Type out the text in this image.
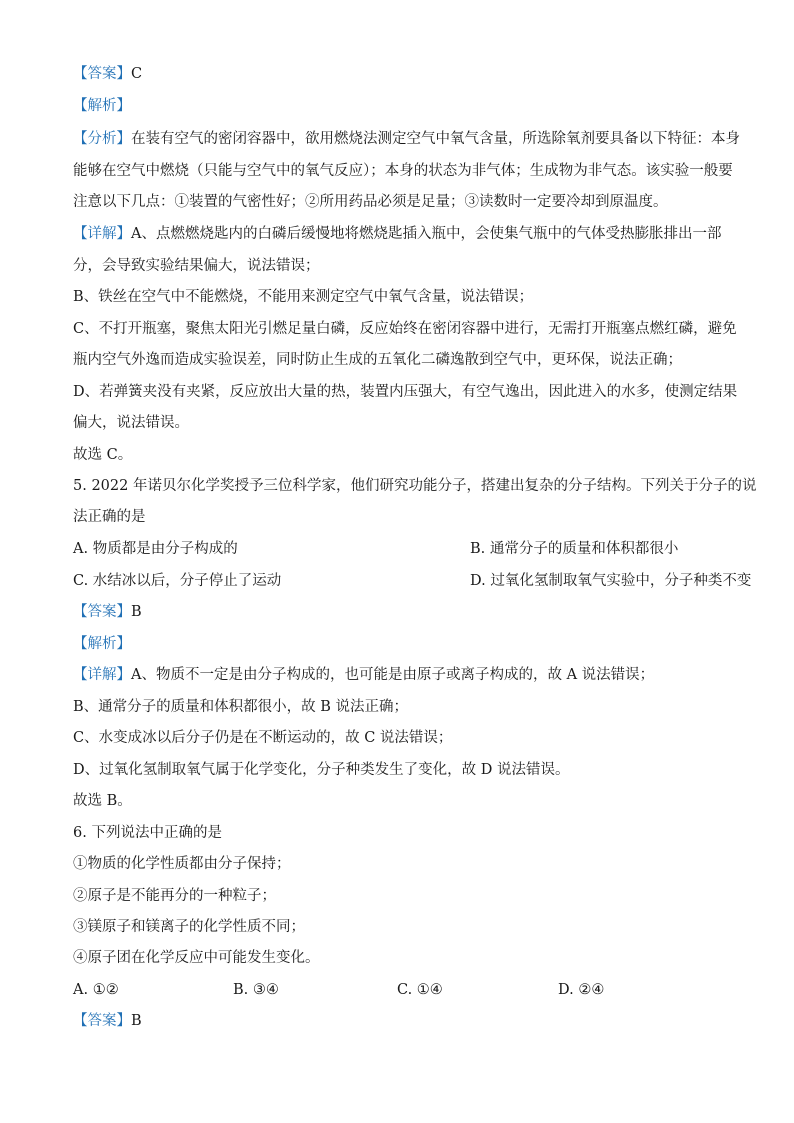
【答案】C
【解析】
【分析】在装有空气的密闭容器中，欲用燃烧法测定空气中氧气含量，所选除氧剂要具备以下特征：本身
能够在空气中燃烧（只能与空气中的氧气反应）；本身的状态为非气体；生成物为非气态。该实验一般要
注意以下几点：①装置的气密性好；②所用药品必须是足量；③读数时一定要冷却到原温度。
【详解】A、点燃燃烧匙内的白磷后缓慢地将燃烧匙插入瓶中，会使集气瓶中的气体受热膨胀排出一部
分，会导致实验结果偏大，说法错误；
B、铁丝在空气中不能燃烧，不能用来测定空气中氧气含量，说法错误；
C、不打开瓶塞，聚焦太阳光引燃足量白磷，反应始终在密闭容器中进行，无需打开瓶塞点燃红磷，避免
瓶内空气外逸而造成实验误差，同时防止生成的五氧化二磷逸散到空气中，更环保，说法正确；
D、若弹簧夹没有夹紧，反应放出大量的热，装置内压强大，有空气逸出，因此进入的水多，使测定结果
偏大，说法错误。
故选 C。
5. 2022 年诺贝尔化学奖授予三位科学家，他们研究功能分子，搭建出复杂的分子结构。下列关于分子的说
法正确的是
A. 物质都是由分子构成的	B. 通常分子的质量和体积都很小
C. 水结冰以后，分子停止了运动	D. 过氧化氢制取氧气实验中，分子种类不变
【答案】B
【解析】
【详解】A、物质不一定是由分子构成的，也可能是由原子或离子构成的，故 A 说法错误；
B、通常分子的质量和体积都很小，故 B 说法正确；
C、水变成冰以后分子仍是在不断运动的，故 C 说法错误；
D、过氧化氢制取氧气属于化学变化，分子种类发生了变化，故 D 说法错误。
故选 B。
6. 下列说法中正确的是
①物质的化学性质都由分子保持；
②原子是不能再分的一种粒子；
③镁原子和镁离子的化学性质不同；
④原子团在化学反应中可能发生变化。
A. ①②	B. ③④	C. ①④	D. ②④
【答案】B
